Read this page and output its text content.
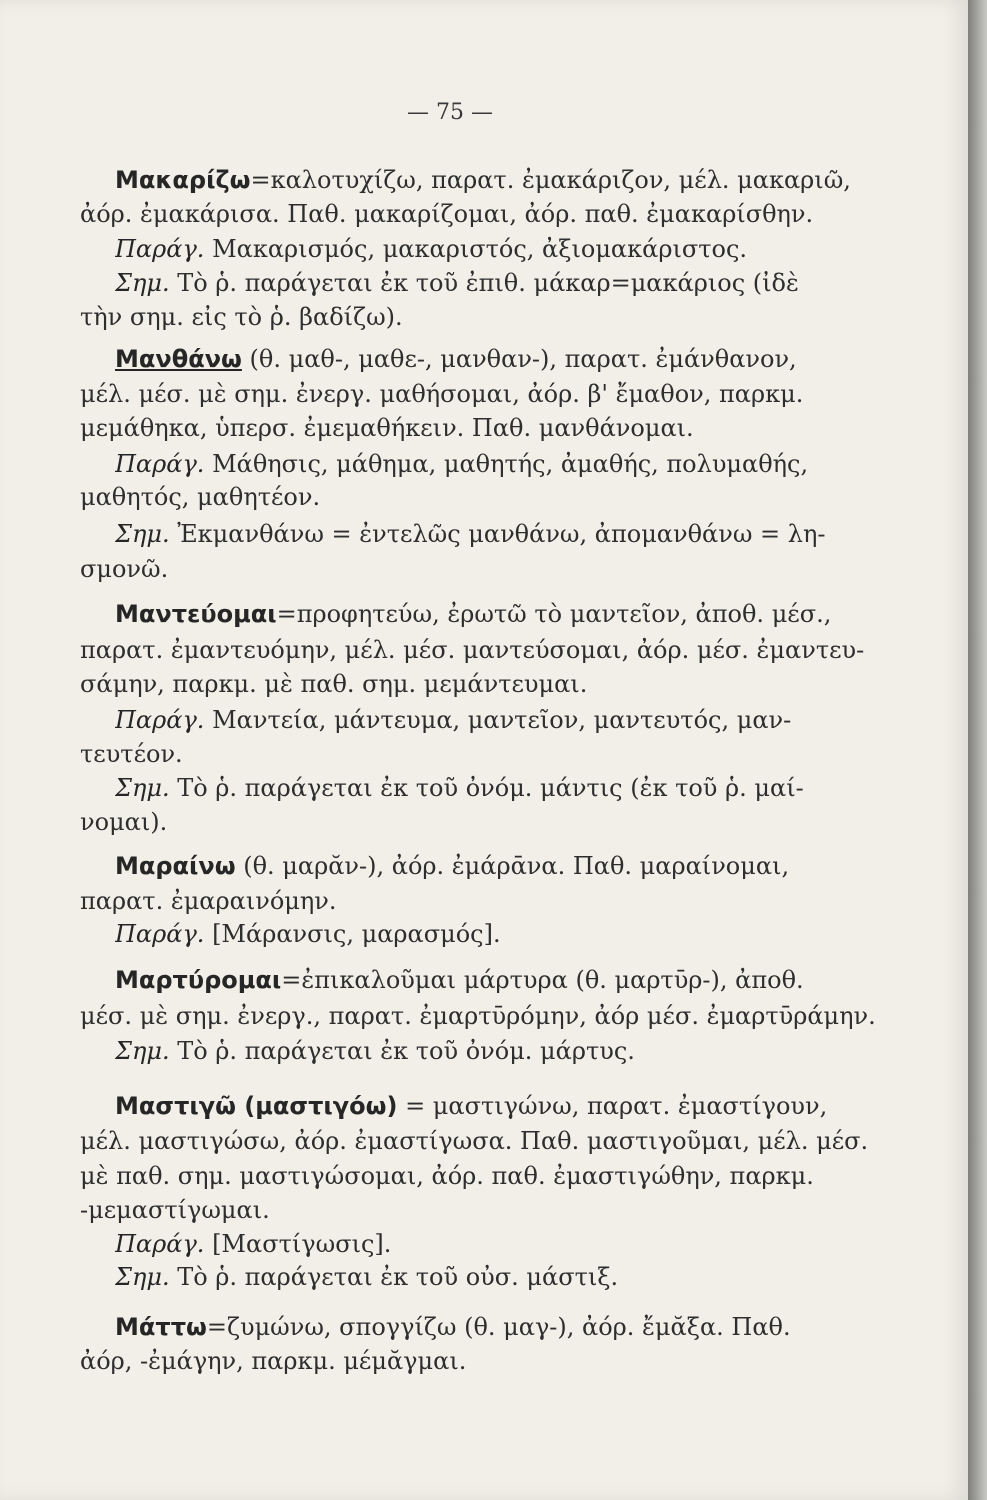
— 75 —
Μακαρίζω=καλοτυχίζω, παρατ. ἐμακάριζον, μέλ. μακαριῶ,
ἀόρ. ἐμακάρισα. Παθ. μακαρίζομαι, ἀόρ. παθ. ἐμακαρίσθην.
Παράγ. Μακαρισμός, μακαριστός, ἀξιομακάριστος.
Σημ. Τὸ ῥ. παράγεται ἐκ τοῦ ἐπιθ. μάκαρ=μακάριος (ἰδὲ
τὴν σημ. εἰς τὸ ῥ. βαδίζω).
Μανθάνω (θ. μαθ-, μαθε-, μανθαν-), παρατ. ἐμάνθανον,
μέλ. μέσ. μὲ σημ. ἐνεργ. μαθήσομαι, ἀόρ. β' ἔμαθον, παρκμ.
μεμάθηκα, ὑπερσ. ἐμεμαθήκειν. Παθ. μανθάνομαι.
Παράγ. Μάθησις, μάθημα, μαθητής, ἀμαθής, πολυμαθής,
μαθητός, μαθητέον.
Σημ. Ἐκμανθάνω = ἐντελῶς μανθάνω, ἀπομανθάνω = λη-
σμονῶ.
Μαντεύομαι=προφητεύω, ἐρωτῶ τὸ μαντεῖον, ἀποθ. μέσ.,
παρατ. ἐμαντευόμην, μέλ. μέσ. μαντεύσομαι, ἀόρ. μέσ. ἐμαντευ-
σάμην, παρκμ. μὲ παθ. σημ. μεμάντευμαι.
Παράγ. Μαντεία, μάντευμα, μαντεῖον, μαντευτός, μαν-
τευτέον.
Σημ. Τὸ ῥ. παράγεται ἐκ τοῦ ὀνόμ. μάντις (ἐκ τοῦ ῥ. μαί-
νομαι).
Μαραίνω (θ. μαρᾰν-), ἀόρ. ἐμάρᾱνα. Παθ. μαραίνομαι,
παρατ. ἐμαραινόμην.
Παράγ. [Μάρανσις, μαρασμός].
Μαρτύρομαι=ἐπικαλοῦμαι μάρτυρα (θ. μαρτῡρ-), ἀποθ.
μέσ. μὲ σημ. ἐνεργ., παρατ. ἐμαρτῡρόμην, ἀόρ μέσ. ἐμαρτῡράμην.
Σημ. Τὸ ῥ. παράγεται ἐκ τοῦ ὀνόμ. μάρτυς.
Μαστιγῶ (μαστιγόω) = μαστιγώνω, παρατ. ἐμαστίγουν,
μέλ. μαστιγώσω, ἀόρ. ἐμαστίγωσα. Παθ. μαστιγοῦμαι, μέλ. μέσ.
μὲ παθ. σημ. μαστιγώσομαι, ἀόρ. παθ. ἐμαστιγώθην, παρκμ.
-μεμαστίγωμαι.
Παράγ. [Μαστίγωσις].
Σημ. Τὸ ῥ. παράγεται ἐκ τοῦ οὐσ. μάστιξ.
Μάττω=ζυμώνω, σπογγίζω (θ. μαγ-), ἀόρ. ἔμᾰξα. Παθ.
ἀόρ, -ἐμάγην, παρκμ. μέμᾰγμαι.
